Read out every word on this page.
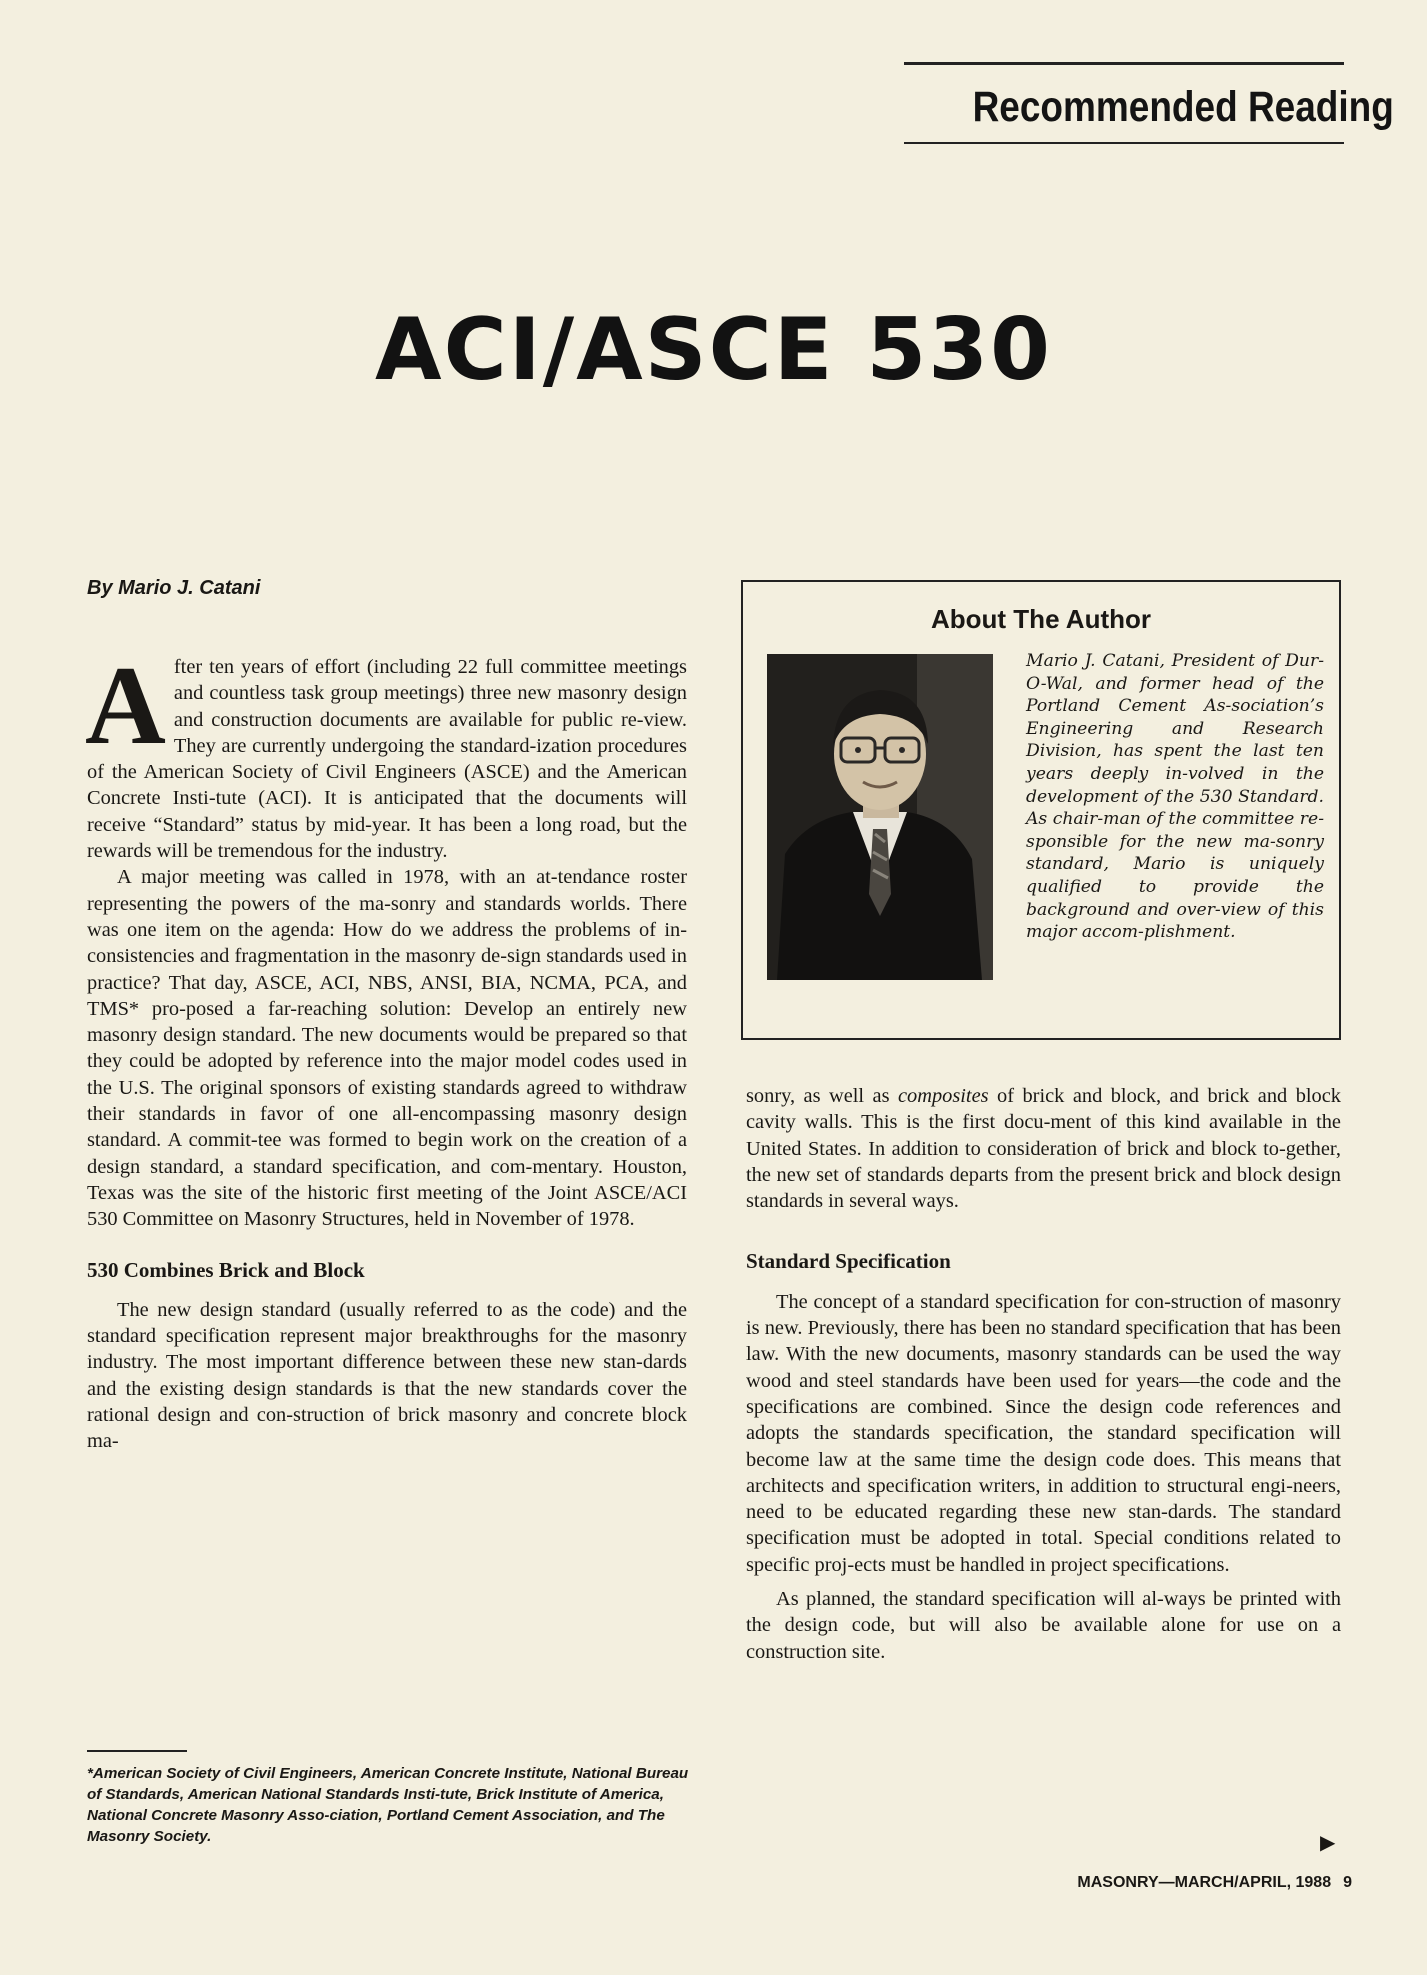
Recommended Reading
ACI/ASCE 530
By Mario J. Catani

After ten years of effort (including 22 full committee meetings and countless task group meetings) three new masonry design and construction documents are available for public re-view. They are currently undergoing the standard-ization procedures of the American Society of Civil Engineers (ASCE) and the American Concrete Insti-tute (ACI). It is anticipated that the documents will receive “Standard” status by mid-year. It has been a long road, but the rewards will be tremendous for the industry.

A major meeting was called in 1978, with an at-tendance roster representing the powers of the ma-sonry and standards worlds. There was one item on the agenda: How do we address the problems of in-consistencies and fragmentation in the masonry de-sign standards used in practice? That day, ASCE, ACI, NBS, ANSI, BIA, NCMA, PCA, and TMS* pro-posed a far-reaching solution: Develop an entirely new masonry design standard. The new documents would be prepared so that they could be adopted by reference into the major model codes used in the U.S. The original sponsors of existing standards agreed to withdraw their standards in favor of one all-encompassing masonry design standard. A commit-tee was formed to begin work on the creation of a design standard, a standard specification, and com-mentary. Houston, Texas was the site of the historic first meeting of the Joint ASCE/ACI 530 Committee on Masonry Structures, held in November of 1978.

530 Combines Brick and Block

The new design standard (usually referred to as the code) and the standard specification represent major breakthroughs for the masonry industry. The most important difference between these new stan-dards and the existing design standards is that the new standards cover the rational design and con-struction of brick masonry and concrete block ma-

About The Author
Mario J. Catani, President of Dur-O-Wal, and former head of the Portland Cement As-sociation’s Engineering and Research Division, has spent the last ten years deeply in-volved in the development of the 530 Standard. As chair-man of the committee re-sponsible for the new ma-sonry standard, Mario is uniquely qualified to provide the background and over-view of this major accom-plishment.

sonry, as well as composites of brick and block, and brick and block cavity walls. This is the first docu-ment of this kind available in the United States. In addition to consideration of brick and block to-gether, the new set of standards departs from the present brick and block design standards in several ways.

Standard Specification

The concept of a standard specification for con-struction of masonry is new. Previously, there has been no standard specification that has been law. With the new documents, masonry standards can be used the way wood and steel standards have been used for years—the code and the specifications are combined. Since the design code references and adopts the standards specification, the standard specification will become law at the same time the design code does. This means that architects and specification writers, in addition to structural engi-neers, need to be educated regarding these new stan-dards. The standard specification must be adopted in total. Special conditions related to specific proj-ects must be handled in project specifications.

As planned, the standard specification will al-ways be printed with the design code, but will also be available alone for use on a construction site.

*American Society of Civil Engineers, American Concrete Institute, National Bureau of Standards, American National Standards Insti-tute, Brick Institute of America, National Concrete Masonry Asso-ciation, Portland Cement Association, and The Masonry Society.	▶
MASONRY—MARCH/APRIL, 1988 9
